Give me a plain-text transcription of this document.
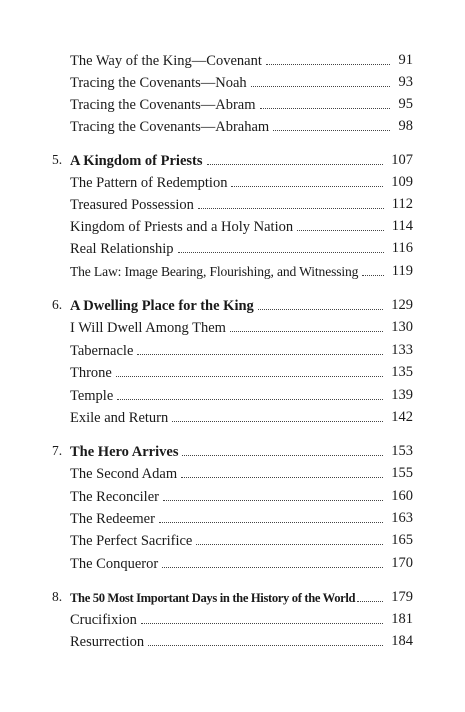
The Way of the King—Covenant	91
Tracing the Covenants—Noah	93
Tracing the Covenants—Abram	95
Tracing the Covenants—Abraham	98
5. A Kingdom of Priests	107
The Pattern of Redemption	109
Treasured Possession	112
Kingdom of Priests and a Holy Nation	114
Real Relationship	116
The Law: Image Bearing, Flourishing, and Witnessing 119
6. A Dwelling Place for the King	129
I Will Dwell Among Them	130
Tabernacle	133
Throne	135
Temple	139
Exile and Return	142
7. The Hero Arrives	153
The Second Adam	155
The Reconciler	160
The Redeemer	163
The Perfect Sacrifice	165
The Conqueror	170
8. The 50 Most Important Days in the History of the World 179
Crucifixion	181
Resurrection	184
